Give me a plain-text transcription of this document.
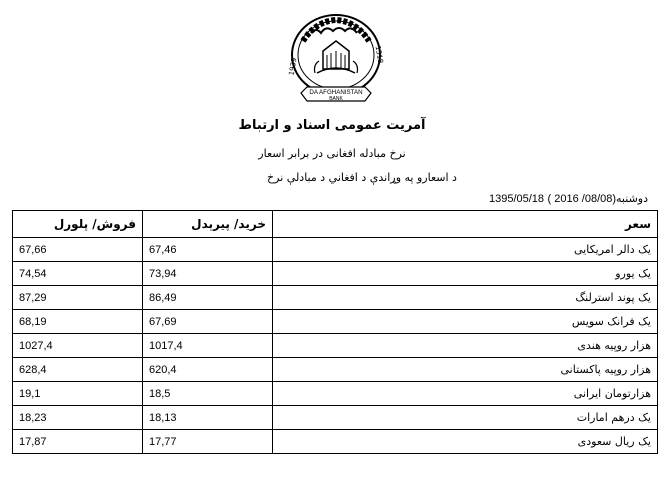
1939
1318
DA AFGHANISTAN
BANK
آمریت عمومی اسناد و ارتباط
نرخ مبادله افغانی در برابر اسعار
د اسعارو په وړاندې د افغاني د مبادلې نرخ
دوشنبه1395/05/18 ( 2016 /08/08)
فروش/ پلورل	خرید/ پیرېدل	سعر
67,66	67,46	یک دالر امریکایی
74,54	73,94	یک یورو
87,29	86,49	یک پوند استرلنگ
68,19	67,69	یک فرانک سویس
1027,4	1017,4	هزار روپیه هندی
628,4	620,4	هزار روپیه پاکستانی
19,1	18,5	هزارتومان ایرانی
18,23	18,13	یک درهم امارات
17,87	17,77	یک ریال سعودی
